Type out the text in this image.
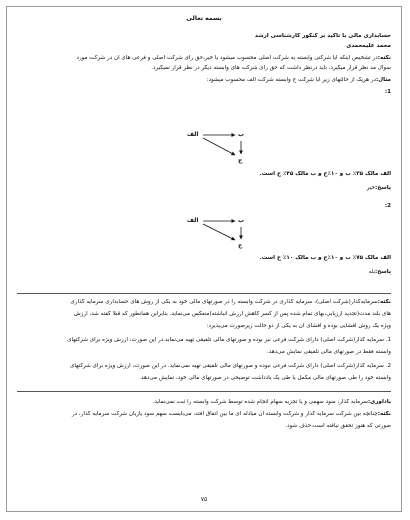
بسمه تعالی
حسابداری مالی با تاکید بر کنکور کارشناسی ارشد
محمد علیمحمدی
نکته:در تشخیص اینکه آیا شرکتی وابسته به شرکت اصلی محسوب میشود یا خیر،حق رای شرکت اصلی و فرعی های آن در شرکت مورد
سوال مد نظر قرار میگیرد، باید درنظر داشت که حق رای شرکت های وابسته دیگر در نظر قرار نمیگیرد.
مثال:در هریک از حالتهای زیر آیا شرکت ج وابسته شرکت الف محسوب میشود:
1:
الف	ب
ج
الف مالک ۳۵٪ ب و ۱۰٪ج و ب مالک ۴۵٪ ج است.
پاسخ:خیر
2:
الف	ب
ج
الف مالک ۷۵٪ ب و ۱۰٪ج و ب مالک ۱۰٪ ج است.
پاسخ:بله
نکته:سرمایه‌گذار(شرکت اصلی)، سرمایه گذاری در شرکت وابسته را در صورتهای مالی خود به یکی از روش های حسابداری سرمایه گذاری
های بلند مدت(تجدید ارزیابی،بهای تمام شده پس از کسر کاهش ارزش انباشته)منعکس می‌نماید. بنابراین همانطور که قبلا گفته شد، ارزش
ویژه یک روش افشایی بوده و افشای آن به یکی از دو حالت زیرصورت می‌پذیرد:
1. سرمایه گذار(شرکت اصلی) دارای شرکت فرعی نیز بوده و صورتهای مالی تلفیقی تهیه می‌نماید.در این صورت، ارزش ویژه برای شرکتهای
وابسته فقط در صورتهای مالی تلفیقی نمایش می‌دهد.
2. سرمایه گذار(شرکت اصلی) دارای شرکت فرعی نبوده و صورتهای مالی تلفیقی تهیه نمی‌نماید. در این صورت، ارزش ویژه برای شرکتهای
وابسته خود را طی صورتهای مالی مکمل یا طی یک یادداشت توضیحی در صورتهای مالی خود، نمایش می‌دهد.
یادآوری:سرمایه گذار، سود سهمی و یا تجزیه سهام انجام شده توسط شرکت وابسته را ثبت نمی‌نماید.
نکته:چنانچه بین شرکت سرمایه گذار و شرکت وابسته آن مبادله ای ما بین اتفاق افتد، می‌بایست سهم سود یازیان شرکت سرمایه گذار، در
صورتی که هنوز تحقق نیافته است،حذف شود.
۷۵
